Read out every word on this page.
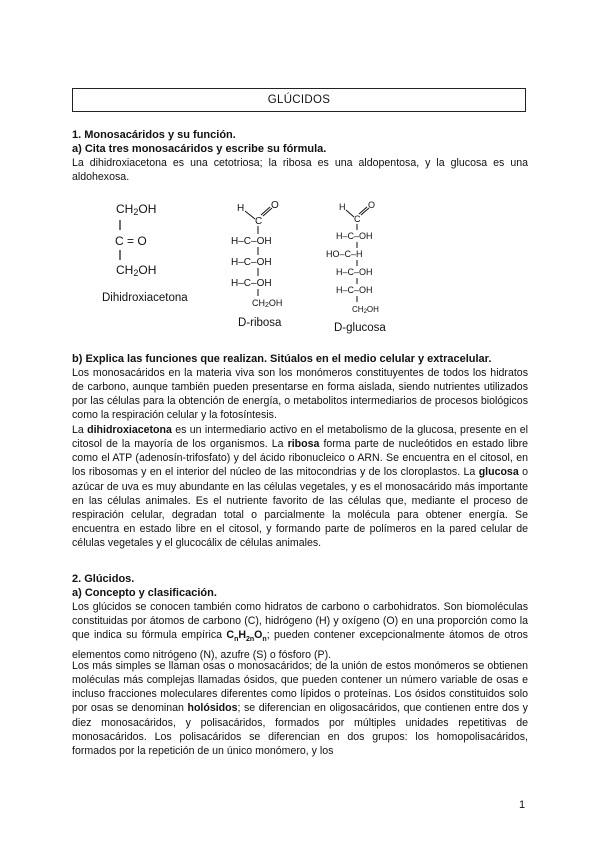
GLÚCIDOS
1. Monosacáridos y su función.
a) Cita tres monosacáridos y escribe su fórmula.
La dihidroxiacetona es una cetotriosa; la ribosa es una aldopentosa, y la glucosa es una aldohexosa.
CH2OH
C = O
CH2OH
Dihidroxiacetona
H
C
O
H–C–OH
H–C–OH
H–C–OH
CH2OH
D-ribosa
H
C
O
H–C–OH
HO–C–H
H–C–OH
H–C–OH
CH2OH
D-glucosa
b) Explica las funciones que realizan. Sitúalos en el medio celular y extracelular.
Los monosacáridos en la materia viva son los monómeros constituyentes de todos los hidratos de carbono, aunque también pueden presentarse en forma aislada, siendo nutrientes utilizados por las células para la obtención de energía, o metabolitos intermediarios de procesos biológicos como la respiración celular y la fotosíntesis.
La dihidroxiacetona es un intermediario activo en el metabolismo de la glucosa, presente en el citosol de la mayoría de los organismos. La ribosa forma parte de nucleótidos en estado libre como el ATP (adenosín-trifosfato) y del ácido ribonucleico o ARN. Se encuentra en el citosol, en los ribosomas y en el interior del núcleo de las mitocondrias y de los cloroplastos. La glucosa o azúcar de uva es muy abundante en las células vegetales, y es el monosacárido más importante en las células animales. Es el nutriente favorito de las células que, mediante el proceso de respiración celular, degradan total o parcialmente la molécula para obtener energía. Se encuentra en estado libre en el citosol, y formando parte de polímeros en la pared celular de células vegetales y el glucocálix de células animales.
2. Glúcidos.
a) Concepto y clasificación.
Los glúcidos se conocen también como hidratos de carbono o carbohidratos. Son biomoléculas constituidas por átomos de carbono (C), hidrógeno (H) y oxígeno (O) en una proporción como la que indica su fórmula empírica $C_nH_{2n}O_n$; pueden contener excepcionalmente átomos de otros elementos como nitrógeno (N), azufre (S) o fósforo (P).
Los más simples se llaman osas o monosacáridos; de la unión de estos monómeros se obtienen moléculas más complejas llamadas ósidos, que pueden contener un número variable de osas e incluso fracciones moleculares diferentes como lípidos o proteínas. Los ósidos constituidos solo por osas se denominan holósidos; se diferencian en oligosacáridos, que contienen entre dos y diez monosacáridos, y polisacáridos, formados por múltiples unidades repetitivas de monosacáridos. Los polisacáridos se diferencian en dos grupos: los homopolisacáridos, formados por la repetición de un único monómero, y los
1
